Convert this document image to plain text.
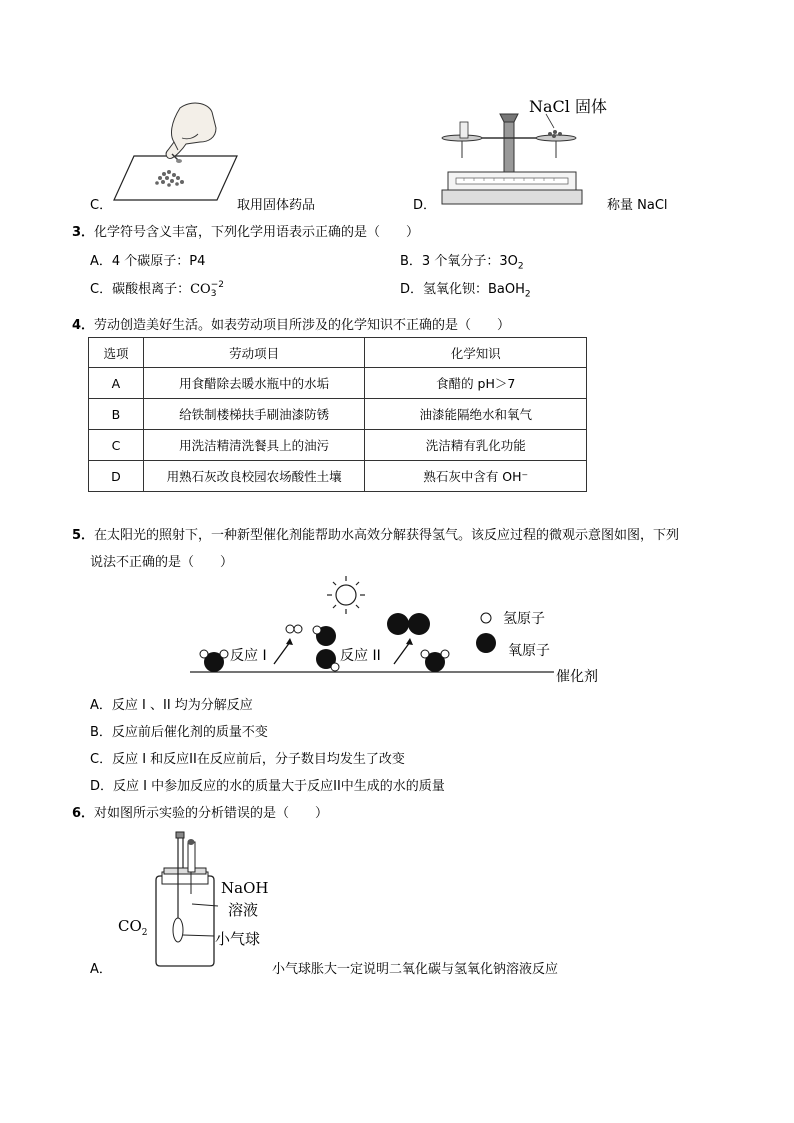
C．	取用固体药品	D．
NaCl 固体
称量 NaCl
3．化学符号含义丰富，下列化学用语表示正确的是（　　）
A．4 个碳原子：P4	B．3 个氧分子：$3O_2$
C．碳酸根离子：CO −2
3	D．氢氧化钡：BaOH$_2$
4．劳动创造美好生活。如表劳动项目所涉及的化学知识不正确的是（　　）
选项	劳动项目	化学知识
A	用食醋除去暖水瓶中的水垢	食醋的 pH＞7
B	给铁制楼梯扶手刷油漆防锈	油漆能隔绝水和氧气
C	用洗洁精清洗餐具上的油污	洗洁精有乳化功能
D	用熟石灰改良校园农场酸性土壤	熟石灰中含有 OH⁻
5．在太阳光的照射下，一种新型催化剂能帮助水高效分解获得氢气。该反应过程的微观示意图如图，下列
说法不正确的是（　　）
反应 I	反应 II
氢原子
氧原子
催化剂
A．反应 I 、II 均为分解反应
B．反应前后催化剂的质量不变
C．反应 I 和反应II在反应前后，分子数目均发生了改变
D．反应 I 中参加反应的水的质量大于反应II中生成的水的质量
6．对如图所示实验的分析错误的是（　　）
NaOH
溶液
$CO_2$	小气球
A．	小气球胀大一定说明二氧化碳与氢氧化钠溶液反应
